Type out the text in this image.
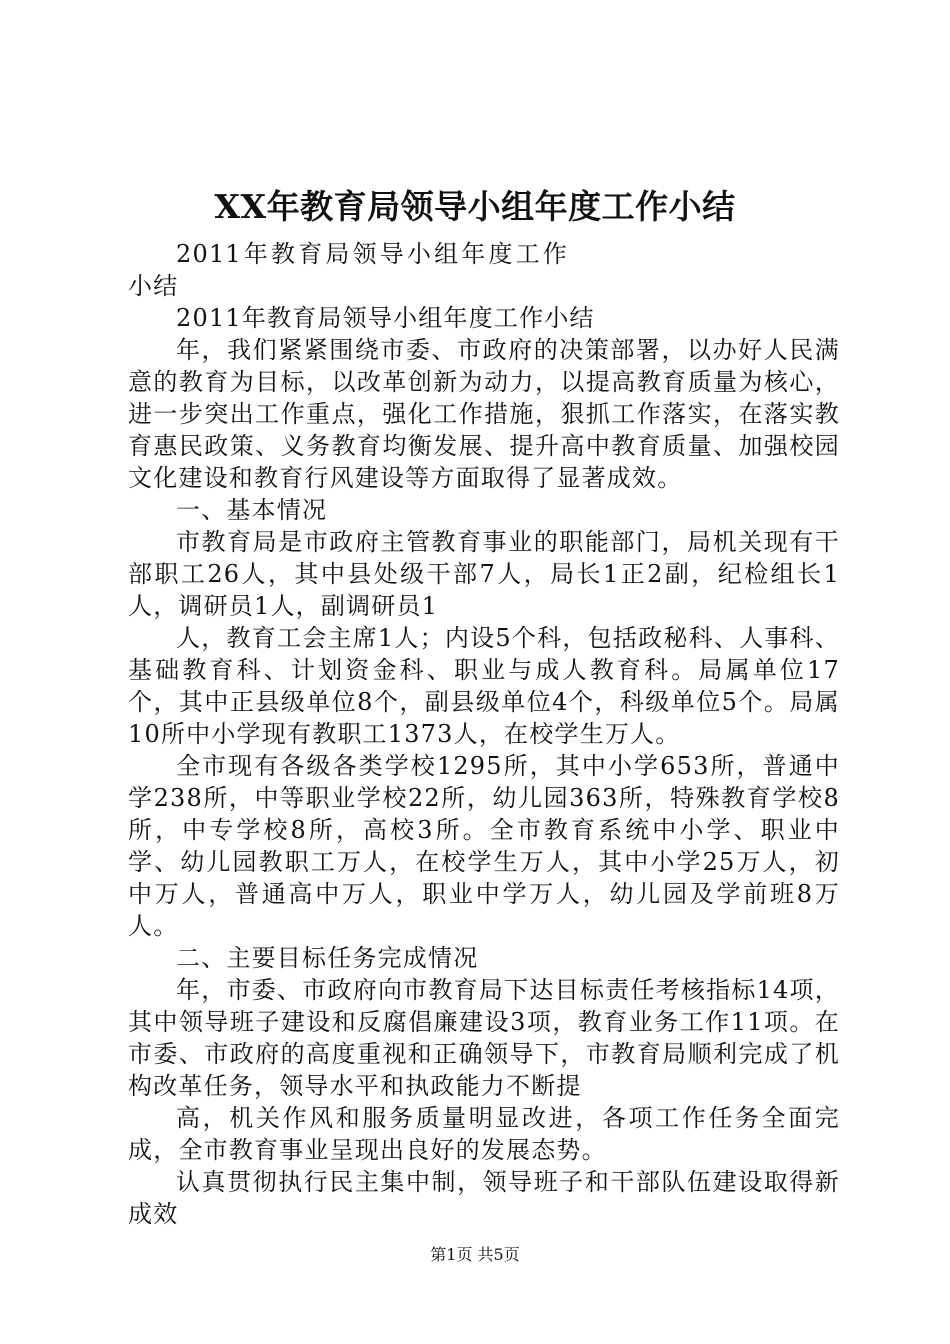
XX年教育局领导小组年度工作小结

2011年教育局领导小组年度工作小结

2011年教育局领导小组年度工作小结

年，我们紧紧围绕市委、市政府的决策部署，以办好人民满意的教育为目标，以改革创新为动力，以提高教育质量为核心，进一步突出工作重点，强化工作措施，狠抓工作落实，在落实教育惠民政策、义务教育均衡发展、提升高中教育质量、加强校园文化建设和教育行风建设等方面取得了显著成效。

一、基本情况

市教育局是市政府主管教育事业的职能部门，局机关现有干部职工26人，其中县处级干部7人，局长1正2副，纪检组长1人，调研员1人，副调研员1

人，教育工会主席1人；内设5个科，包括政秘科、人事科、基础教育科、计划资金科、职业与成人教育科。局属单位17个，其中正县级单位8个，副县级单位4个，科级单位5个。局属10所中小学现有教职工1373人，在校学生万人。

全市现有各级各类学校1295所，其中小学653所，普通中学238所，中等职业学校22所，幼儿园363所，特殊教育学校8所，中专学校8所，高校3所。全市教育系统中小学、职业中学、幼儿园教职工万人，在校学生万人，其中小学25万人，初中万人，普通高中万人，职业中学万人，幼儿园及学前班8万人。

二、主要目标任务完成情况

年，市委、市政府向市教育局下达目标责任考核指标14项，其中领导班子建设和反腐倡廉建设3项，教育业务工作11项。在市委、市政府的高度重视和正确领导下，市教育局顺利完成了机构改革任务，领导水平和执政能力不断提

高，机关作风和服务质量明显改进，各项工作任务全面完成，全市教育事业呈现出良好的发展态势。

认真贯彻执行民主集中制，领导班子和干部队伍建设取得新成效

第1页 共5页
